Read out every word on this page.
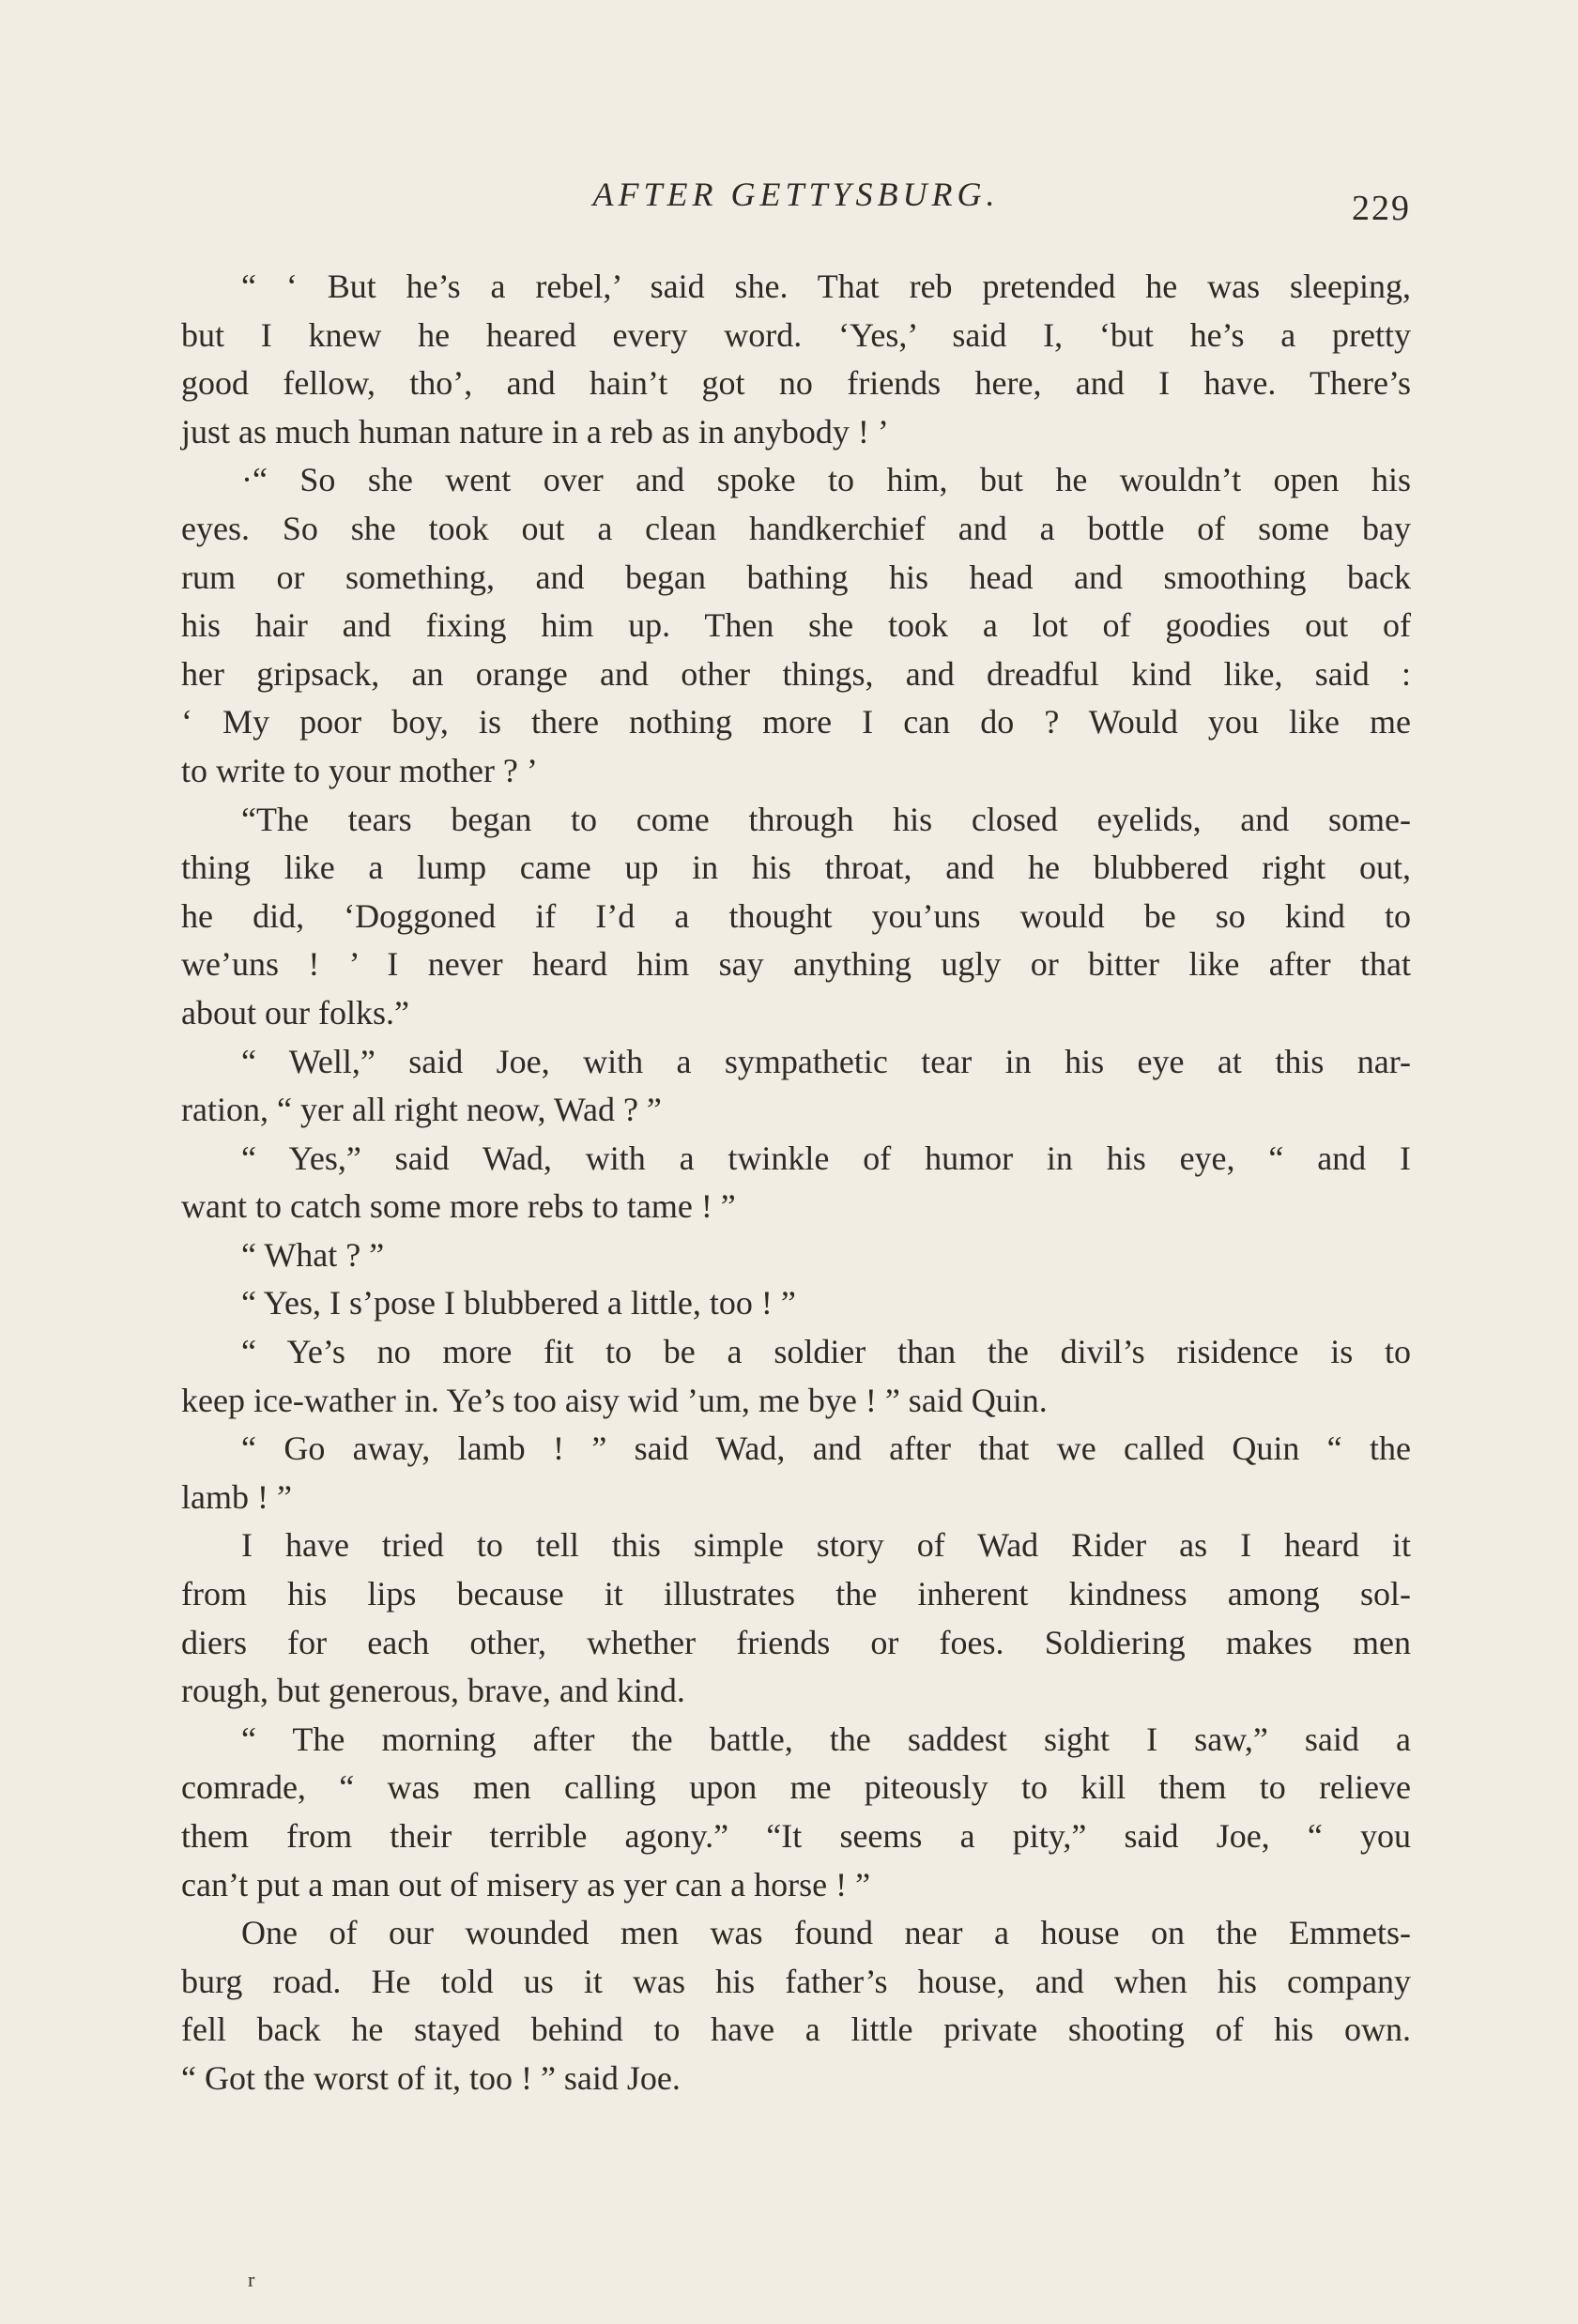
AFTER GETTYSBURG.	229
“ ‘ But he’s a rebel,’ said she. That reb pretended he was sleeping,
but I knew he heared every word. ‘Yes,’ said I, ‘but he’s a pretty
good fellow, tho’, and hain’t got no friends here, and I have. There’s
just as much human nature in a reb as in anybody ! ’
·“ So she went over and spoke to him, but he wouldn’t open his
eyes. So she took out a clean handkerchief and a bottle of some bay
rum or something, and began bathing his head and smoothing back
his hair and fixing him up. Then she took a lot of goodies out of
her gripsack, an orange and other things, and dreadful kind like, said :
‘ My poor boy, is there nothing more I can do ? Would you like me
to write to your mother ? ’
“The tears began to come through his closed eyelids, and some-
thing like a lump came up in his throat, and he blubbered right out,
he did, ‘Doggoned if I’d a thought you’uns would be so kind to
we’uns ! ’ I never heard him say anything ugly or bitter like after that
about our folks.”
“ Well,” said Joe, with a sympathetic tear in his eye at this nar-
ration, “ yer all right neow, Wad ? ”
“ Yes,” said Wad, with a twinkle of humor in his eye, “ and I
want to catch some more rebs to tame ! ”
“ What ? ”
“ Yes, I s’pose I blubbered a little, too ! ”
“ Ye’s no more fit to be a soldier than the divil’s risidence is to
keep ice-wather in. Ye’s too aisy wid ’um, me bye ! ” said Quin.
“ Go away, lamb ! ” said Wad, and after that we called Quin “ the
lamb ! ”
I have tried to tell this simple story of Wad Rider as I heard it
from his lips because it illustrates the inherent kindness among sol-
diers for each other, whether friends or foes. Soldiering makes men
rough, but generous, brave, and kind.
“ The morning after the battle, the saddest sight I saw,” said a
comrade, “ was men calling upon me piteously to kill them to relieve
them from their terrible agony.” “It seems a pity,” said Joe, “ you
can’t put a man out of misery as yer can a horse ! ”
One of our wounded men was found near a house on the Emmets-
burg road. He told us it was his father’s house, and when his company
fell back he stayed behind to have a little private shooting of his own.
“ Got the worst of it, too ! ” said Joe.
r
